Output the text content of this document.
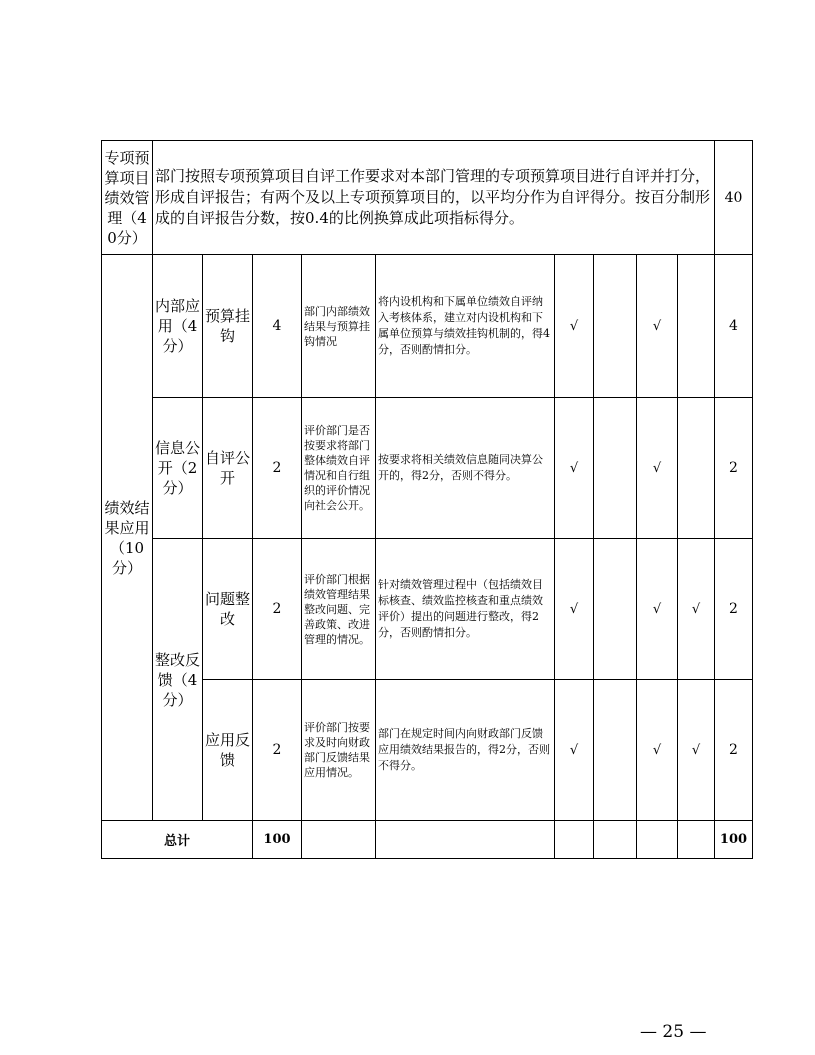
专项预算项目绩效管理（40分）	部门按照专项预算项目自评工作要求对本部门管理的专项预算项目进行自评并打分，形成自评报告；有两个及以上专项预算项目的，以平均分作为自评得分。按百分制形成的自评报告分数，按0.4的比例换算成此项指标得分。									40
绩效结果应用（10分）	内部应用（4分）	预算挂钩	4	部门内部绩效结果与预算挂钩情况	将内设机构和下属单位绩效自评纳入考核体系，建立对内设机构和下属单位预算与绩效挂钩机制的，得4分，否则酌情扣分。	√		√		4
	信息公开（2分）	自评公开	2	评价部门是否按要求将部门整体绩效自评情况和自行组织的评价情况向社会公开。	按要求将相关绩效信息随同决算公开的，得2分，否则不得分。	√		√		2
	整改反馈（4分）	问题整改	2	评价部门根据绩效管理结果整改问题、完善政策、改进管理的情况。	针对绩效管理过程中（包括绩效目标核查、绩效监控核查和重点绩效评价）提出的问题进行整改，得2分，否则酌情扣分。	√		√	√	2
		应用反馈	2	评价部门按要求及时向财政部门反馈结果应用情况。	部门在规定时间内向财政部门反馈应用绩效结果报告的，得2分，否则不得分。	√		√	√	2
总计			100							100
— 25 —
